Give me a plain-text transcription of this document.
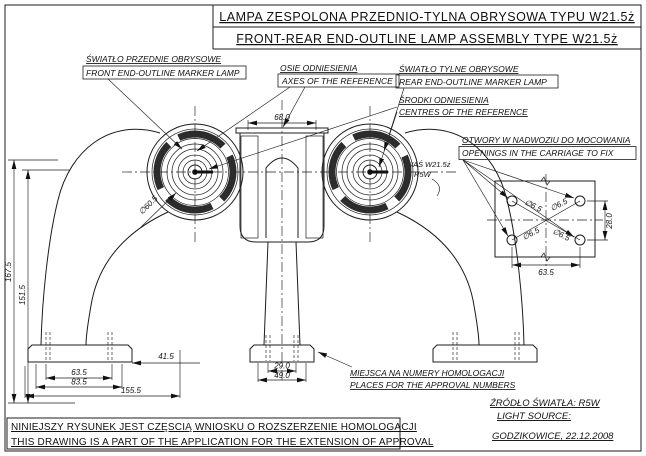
LAMPA ZESPOLONA PRZEDNIO-TYLNA OBRYSOWA TYPU W21.5ż
FRONT-REAR END-OUTLINE LAMP ASSEMBLY TYPE W21.5ż
ŚWIATŁO PRZEDNIE OBRYSOWE
FRONT END-OUTLINE MARKER LAMP	OSIE ODNIESIENIA
AXES OF THE REFERENCE
ŚWIATŁO TYLNE OBRYSOWE
REAR END-OUTLINE MARKER LAMP
ŚRODKI ODNIESIENIA
CENTRES OF THE REFERENCE
OTWORY W NADWOZIU DO MOCOWANIA
OPENINGS IN THE CARRIAGE TO FIX
WAŚ W21.5ż
R5W
MIEJSCA NA NUMERY HOMOLOGACJI
PLACES FOR THE APPROVAL NUMBERS
∅6.5 ∅6.5
∅6.5 ∅6.5
28.0
63.5
68.0
∅60.5
167.5
151.5
41.5
63.5
83.5
155.5
29.0
49.0
NINIEJSZY RYSUNEK JEST CZĘSCIĄ WNIOSKU O ROZSZERZENIE HOMOLOGACJI
THIS DRAWING IS A PART OF THE APPLICATION FOR THE EXTENSION OF APPROVAL
ŹRÓDŁO ŚWIATŁA: R5W
LIGHT SOURCE:
GODZIKOWICE, 22.12.2008
